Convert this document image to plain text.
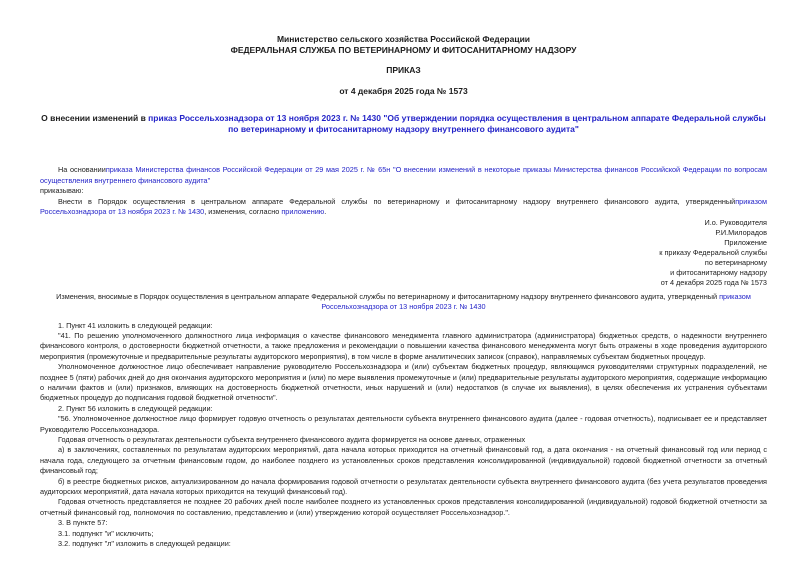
Министерство сельского хозяйства Российской Федерации
ФЕДЕРАЛЬНАЯ СЛУЖБА ПО ВЕТЕРИНАРНОМУ И ФИТОСАНИТАРНОМУ НАДЗОРУ
ПРИКАЗ
от 4 декабря 2025 года № 1573
О внесении изменений в приказ Россельхознадзора от 13 ноября 2023 г. № 1430 "Об утверждении порядка осуществления в центральном аппарате Федеральной службы по ветеринарному и фитосанитарному надзору внутреннего финансового аудита"

На основанииприказа Министерства финансов Российской Федерации от 29 мая 2025 г. № 65н "О внесении изменений в некоторые приказы Министерства финансов Российской Федерации по вопросам осуществления внутреннего финансового аудита"

приказываю:

Внести в Порядок осуществления в центральном аппарате Федеральной службы по ветеринарному и фитосанитарному надзору внутреннего финансового аудита, утвержденныйприказом Россельхознадзора от 13 ноября 2023 г. № 1430, изменения, согласно приложению.

И.о. Руководителя
Р.И.Милорадов
Приложение
к приказу Федеральной службы
по ветеринарному
и фитосанитарному надзору
от 4 декабря 2025 года № 1573
Изменения, вносимые в Порядок осуществления в центральном аппарате Федеральной службы по ветеринарному и фитосанитарному надзору внутреннего финансового аудита, утвержденный приказом Россельхознадзора от 13 ноября 2023 г. № 1430

1. Пункт 41 изложить в следующей редакции:

"41. По решению уполномоченного должностного лица информация о качестве финансового менеджмента главного администратора (администратора) бюджетных средств, о надежности внутреннего финансового контроля, о достоверности бюджетной отчетности, а также предложения и рекомендации о повышении качества финансового менеджмента могут быть отражены в ходе проведения аудиторского мероприятия (промежуточные и предварительные результаты аудиторского мероприятия), в том числе в форме аналитических записок (справок), направляемых субъектам бюджетных процедур.

Уполномоченное должностное лицо обеспечивает направление руководителю Россельхознадзора и (или) субъектам бюджетных процедур, являющимся руководителями структурных подразделений, не позднее 5 (пяти) рабочих дней до дня окончания аудиторского мероприятия и (или) по мере выявления промежуточные и (или) предварительные результаты аудиторского мероприятия, содержащие информацию о наличии фактов и (или) признаков, влияющих на достоверность бюджетной отчетности, иных нарушений и (или) недостатков (в случае их выявления), в целях обеспечения их устранения субъектами бюджетных процедур до подписания годовой бюджетной отчетности".

2. Пункт 56 изложить в следующей редакции:

"56. Уполномоченное должностное лицо формирует годовую отчетность о результатах деятельности субъекта внутреннего финансового аудита (далее - годовая отчетность), подписывает ее и представляет Руководителю Россельхознадзора.

Годовая отчетность о результатах деятельности субъекта внутреннего финансового аудита формируется на основе данных, отраженных

а) в заключениях, составленных по результатам аудиторских мероприятий, дата начала которых приходится на отчетный финансовый год, а дата окончания - на отчетный финансовый год или период с начала года, следующего за отчетным финансовым годом, до наиболее позднего из установленных сроков представления консолидированной (индивидуальной) годовой бюджетной отчетности за отчетный финансовый год;

б) в реестре бюджетных рисков, актуализированном до начала формирования годовой отчетности о результатах деятельности субъекта внутреннего финансового аудита (без учета результатов проведения аудиторских мероприятий, дата начала которых приходится на текущий финансовый год).

Годовая отчетность представляется не позднее 20 рабочих дней после наиболее позднего из установленных сроков представления консолидированной (индивидуальной) годовой бюджетной отчетности за отчетный финансовый год, полномочия по составлению, представлению и (или) утверждению которой осуществляет Россельхознадзор.".

3. В пункте 57:

3.1. подпункт "и" исключить;

3.2. подпункт "л" изложить в следующей редакции:
